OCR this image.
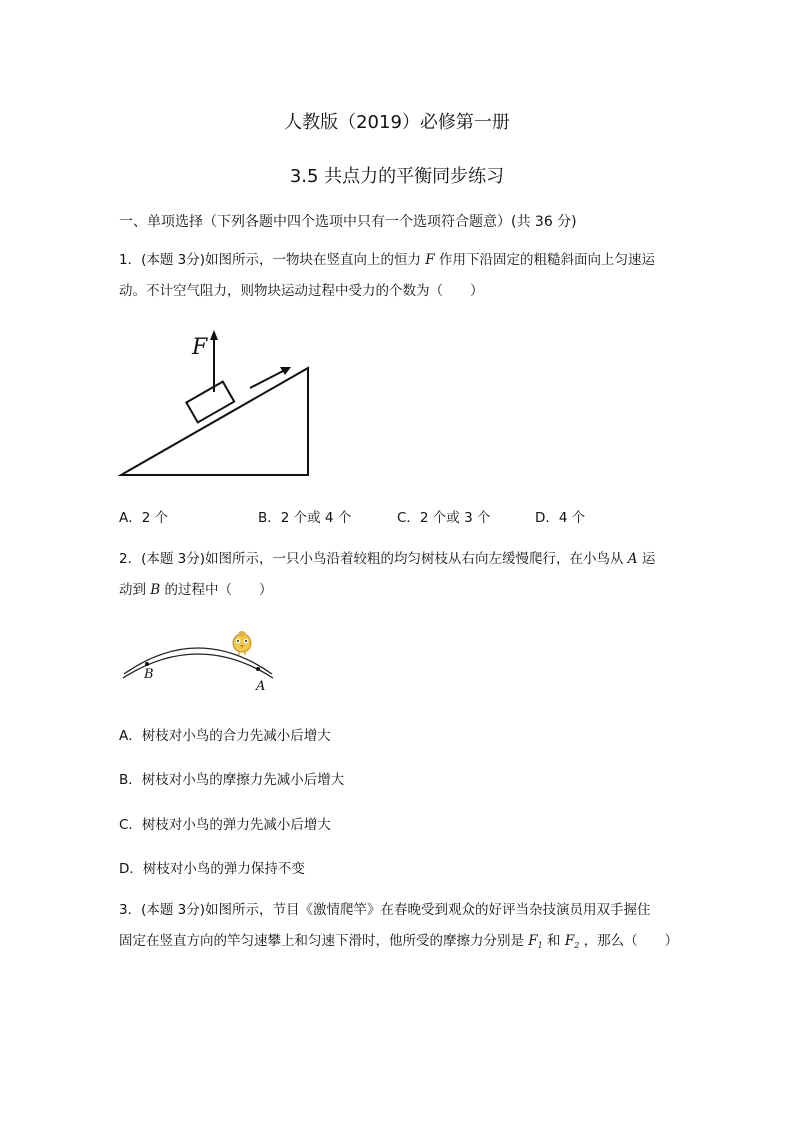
人教版（2019）必修第一册
3.5 共点力的平衡同步练习
一、单项选择（下列各题中四个选项中只有一个选项符合题意）(共 36 分)
1．(本题 3分)如图所示，一物块在竖直向上的恒力 F 作用下沿固定的粗糙斜面向上匀速运
动。不计空气阻力，则物块运动过程中受力的个数为（　　）
F
A．2 个	B．2 个或 4 个	C．2 个或 3 个	D．4 个
2．(本题 3分)如图所示，一只小鸟沿着较粗的均匀树枝从右向左缓慢爬行，在小鸟从 A 运
动到 B 的过程中（　　）
B
A
A．树枝对小鸟的合力先减小后增大
B．树枝对小鸟的摩擦力先减小后增大
C．树枝对小鸟的弹力先减小后增大
D．树枝对小鸟的弹力保持不变
3．(本题 3分)如图所示，节目《激情爬竿》在春晚受到观众的好评当杂技演员用双手握住
固定在竖直方向的竿匀速攀上和匀速下滑时，他所受的摩擦力分别是 $F_1$ 和 $F_2$ ，那么（　　）
